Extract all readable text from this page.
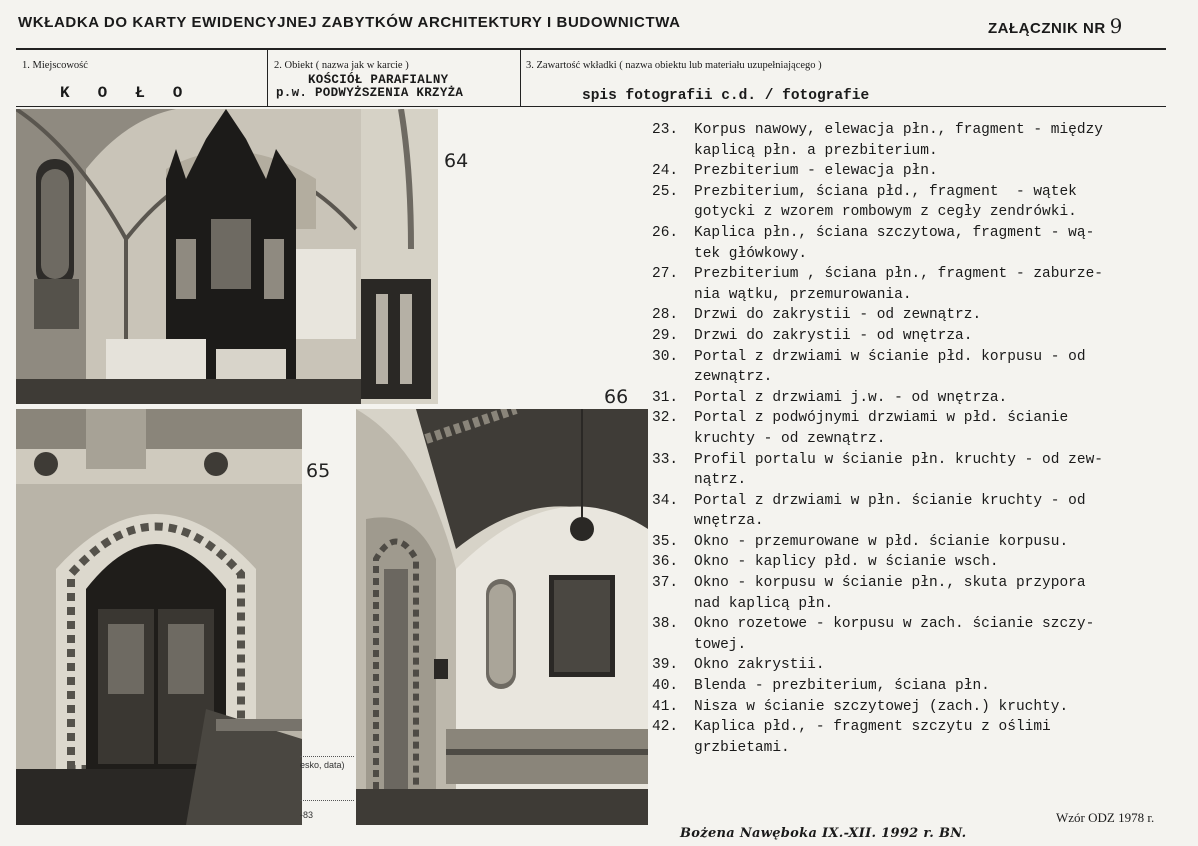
WKŁADKA DO KARTY EWIDENCYJNEJ ZABYTKÓW ARCHITEKTURY I BUDOWNICTWA	ZAŁĄCZNIK NR 9
1. Miejscowość
KOŁO
2. Obiekt ( nazwa jak w karcie )
KOŚCIÓŁ PARAFIALNY
p.w. PODWYŻSZENIA KRZYŻA
3. Zawartość wkładki ( nazwa obiektu lub materiału uzupełniającego )
spis fotografii c.d. / fotografie
64
65
esko, data)
-83
66
23.	Korpus nawowy, elewacja płn., fragment - między
kaplicą płn. a prezbiterium.
24.	Prezbiterium - elewacja płn.
25.	Prezbiterium, ściana płd., fragment  - wątek
gotycki z wzorem rombowym z cegły zendrówki.
26.	Kaplica płn., ściana szczytowa, fragment - wą-
tek główkowy.
27.	Prezbiterium , ściana płn., fragment - zaburze-
nia wątku, przemurowania.
28.	Drzwi do zakrystii - od zewnątrz.
29.	Drzwi do zakrystii - od wnętrza.
30.	Portal z drzwiami w ścianie płd. korpusu - od
zewnątrz.
31.	Portal z drzwiami j.w. - od wnętrza.
32.	Portal z podwójnymi drzwiami w płd. ścianie
kruchty - od zewnątrz.
33.	Profil portalu w ścianie płn. kruchty - od zew-
nątrz.
34.	Portal z drzwiami w płn. ścianie kruchty - od
wnętrza.
35.	Okno - przemurowane w płd. ścianie korpusu.
36.	Okno - kaplicy płd. w ścianie wsch.
37.	Okno - korpusu w ścianie płn., skuta przypora
nad kaplicą płn.
38.	Okno rozetowe - korpusu w zach. ścianie szczy-
towej.
39.	Okno zakrystii.
40.	Blenda - prezbiterium, ściana płn.
41.	Nisza w ścianie szczytowej (zach.) kruchty.
42.	Kaplica płd., - fragment szczytu z oślimi
grzbietami.
Wzór ODZ 1978 r.
Bożena Nawęboka IX.-XII. 1992 r. BN.
